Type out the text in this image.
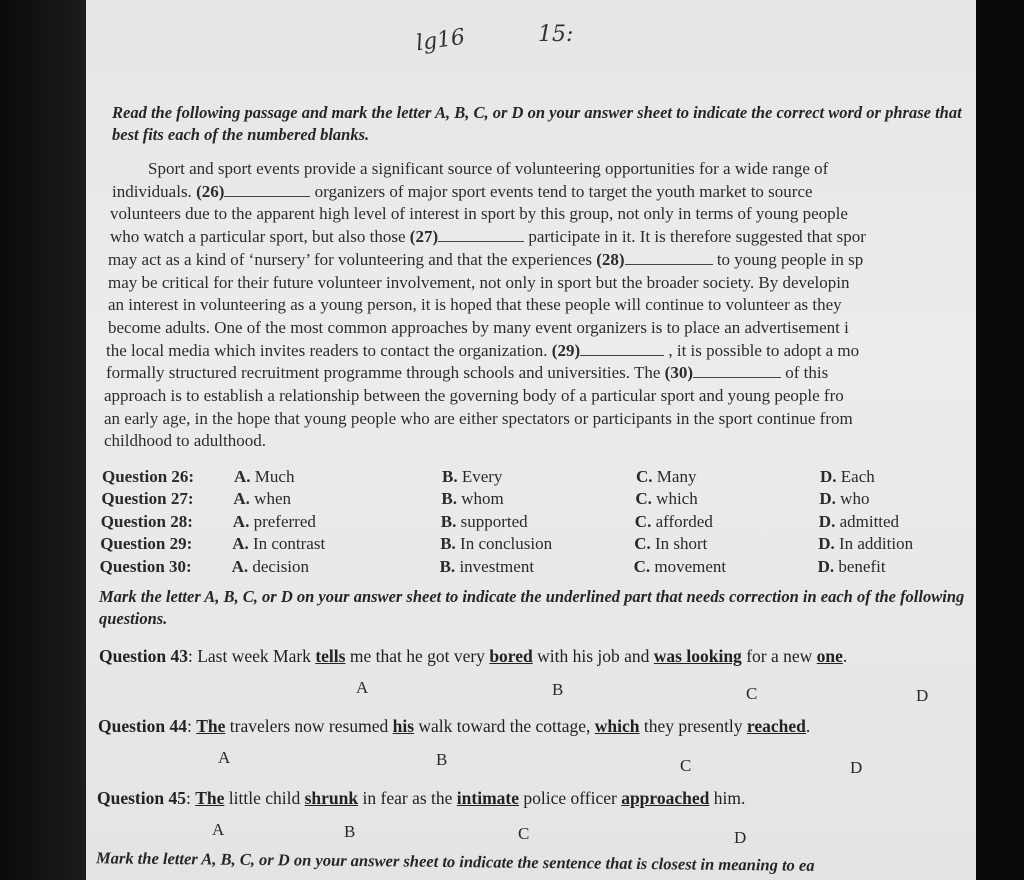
lg16	15:
Read the following passage and mark the letter A, B, C, or D on your answer sheet to indicate the correct word or phrase that best fits each of the numbered blanks.
Sport and sport events provide a significant source of volunteering opportunities for a wide range of
individuals. (26)	organizers of major sport events tend to target the youth market to source
volunteers due to the apparent high level of interest in sport by this group, not only in terms of young people
who watch a particular sport, but also those (27)	participate in it. It is therefore suggested that spor
may act as a kind of ‘nursery’ for volunteering and that the experiences (28)	to young people in sp
may be critical for their future volunteer involvement, not only in sport but the broader society. By developin
an interest in volunteering as a young person, it is hoped that these people will continue to volunteer as they
become adults. One of the most common approaches by many event organizers is to place an advertisement i
the local media which invites readers to contact the organization. (29)	, it is possible to adopt a mo
formally structured recruitment programme through schools and universities. The (30)	of this
approach is to establish a relationship between the governing body of a particular sport and young people fro
an early age, in the hope that young people who are either spectators or participants in the sport continue from
childhood to adulthood.
Question 26: A. Much	B. Every	C. Many	D. Each
Question 27: A. when	B. whom	C. which	D. who
Question 28: A. preferred	B. supported	C. afforded	D. admitted
Question 29: A. In contrast	B. In conclusion	C. In short	D. In addition
Question 30: A. decision	B. investment	C. movement	D. benefit
Mark the letter A, B, C, or D on your answer sheet to indicate the underlined part that needs correction in each of the following questions.
Question 43: Last week Mark tells me that he got very bored with his job and was looking for a new one.
A	B	C	D
Question 44: The travelers now resumed his walk toward the cottage, which they presently reached.
A	B	C	D
Question 45: The little child shrunk in fear as the intimate police officer approached him.
A	B	C	D
Mark the letter A, B, C, or D on your answer sheet to indicate the sentence that is closest in meaning to ea
